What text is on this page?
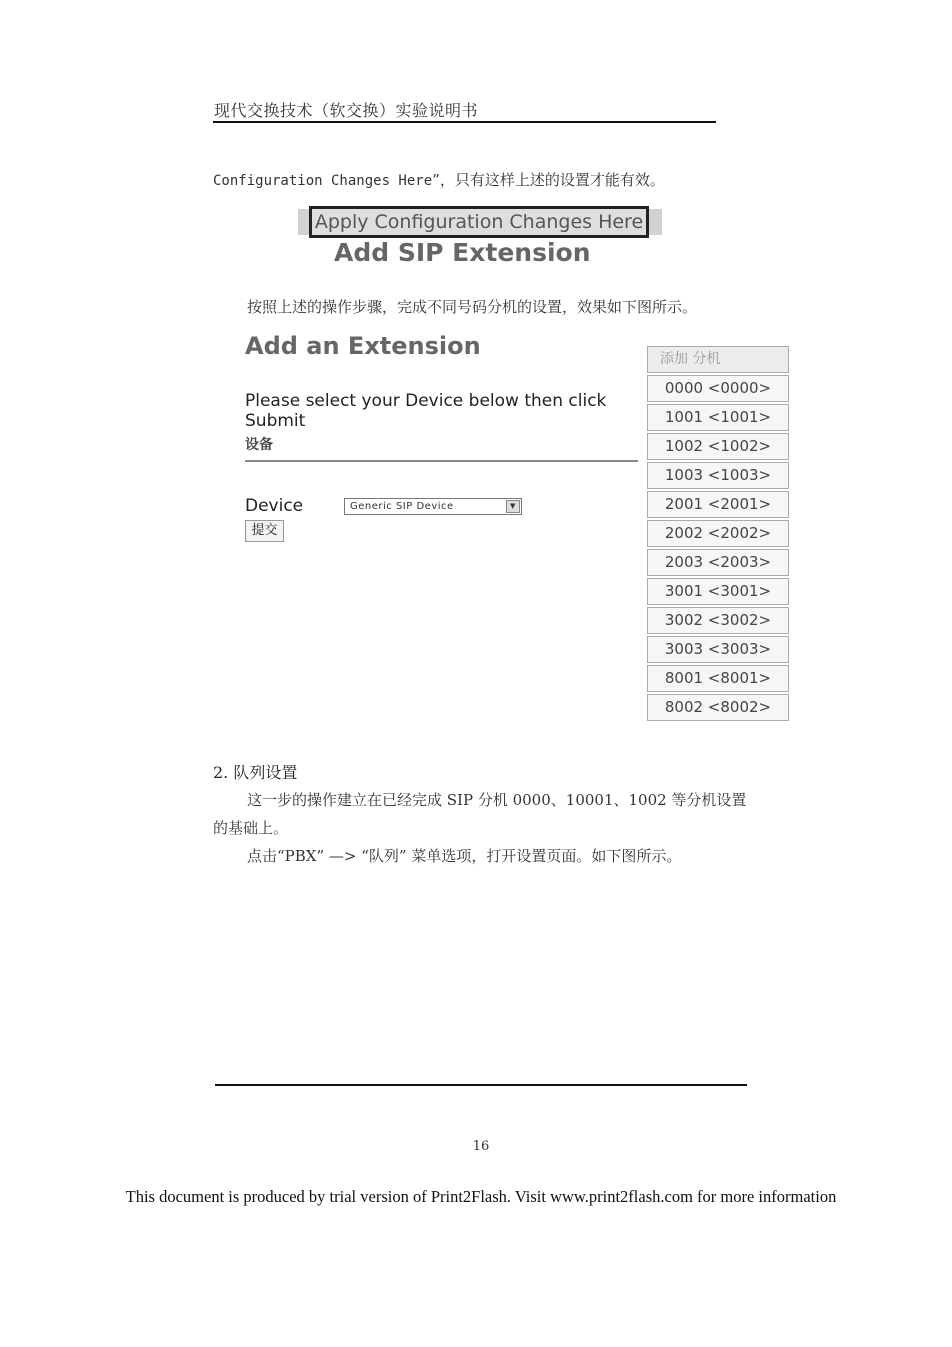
现代交换技术（软交换）实验说明书
Configuration Changes Here”，只有这样上述的设置才能有效。
Apply Configuration Changes Here
Add SIP Extension
按照上述的操作步骤，完成不同号码分机的设置，效果如下图所示。
Add an Extension
Please select your Device below then click Submit
设备
Device	Generic SIP Device	▼
提交
添加 分机
0000 <0000>
1001 <1001>
1002 <1002>
1003 <1003>
2001 <2001>
2002 <2002>
2003 <2003>
3001 <3001>
3002 <3002>
3003 <3003>
8001 <8001>
8002 <8002>
2. 队列设置
这一步的操作建立在已经完成 SIP 分机 0000、10001、1002 等分机设置
的基础上。
点击“PBX” —> “队列” 菜单选项，打开设置页面。如下图所示。
16
This document is produced by trial version of Print2Flash. Visit www.print2flash.com for more information
